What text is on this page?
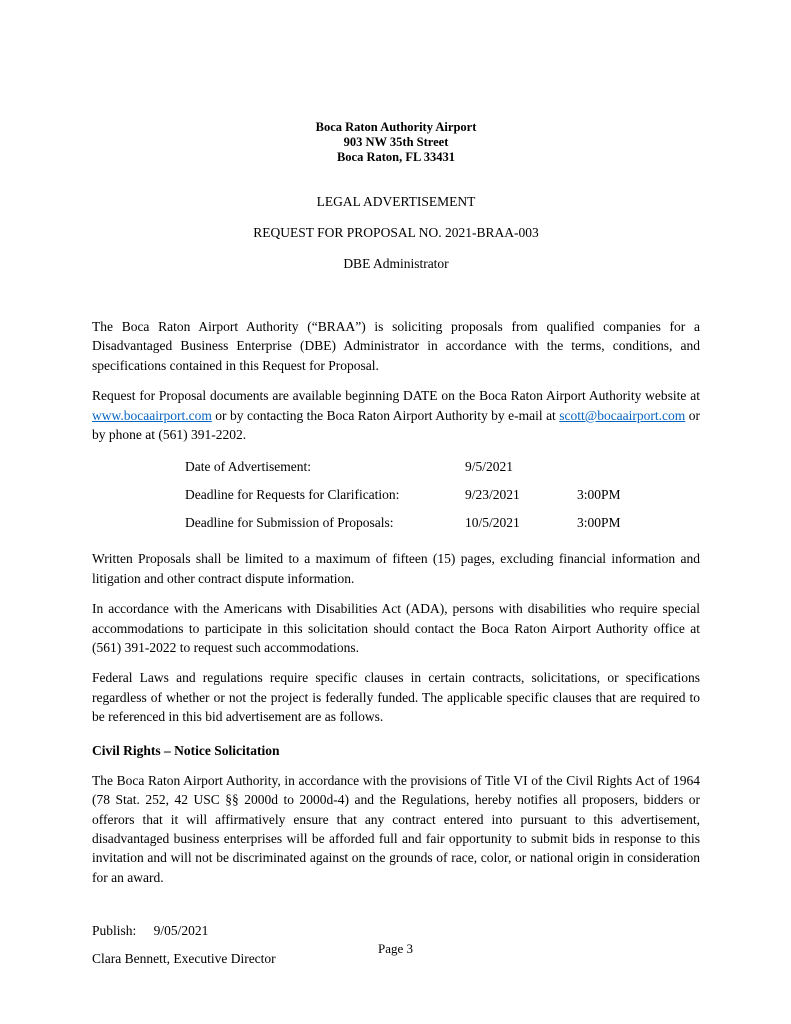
Boca Raton Authority Airport
903 NW 35th Street
Boca Raton, FL 33431
LEGAL ADVERTISEMENT
REQUEST FOR PROPOSAL NO. 2021-BRAA-003
DBE Administrator

The Boca Raton Airport Authority (“BRAA”) is soliciting proposals from qualified companies for a Disadvantaged Business Enterprise (DBE) Administrator in accordance with the terms, conditions, and specifications contained in this Request for Proposal.

Request for Proposal documents are available beginning DATE on the Boca Raton Airport Authority website at www.bocaairport.com or by contacting the Boca Raton Airport Authority by e-mail at scott@bocaairport.com or by phone at (561) 391-2202.

Date of Advertisement:	9/5/2021
Deadline for Requests for Clarification:	9/23/2021	3:00PM
Deadline for Submission of Proposals:	10/5/2021	3:00PM

Written Proposals shall be limited to a maximum of fifteen (15) pages, excluding financial information and litigation and other contract dispute information.

In accordance with the Americans with Disabilities Act (ADA), persons with disabilities who require special accommodations to participate in this solicitation should contact the Boca Raton Airport Authority office at (561) 391-2022 to request such accommodations.

Federal Laws and regulations require specific clauses in certain contracts, solicitations, or specifications regardless of whether or not the project is federally funded. The applicable specific clauses that are required to be referenced in this bid advertisement are as follows.

Civil Rights – Notice Solicitation

The Boca Raton Airport Authority, in accordance with the provisions of Title VI of the Civil Rights Act of 1964 (78 Stat. 252, 42 USC §§ 2000d to 2000d-4) and the Regulations, hereby notifies all proposers, bidders or offerors that it will affirmatively ensure that any contract entered into pursuant to this advertisement, disadvantaged business enterprises will be afforded full and fair opportunity to submit bids in response to this invitation and will not be discriminated against on the grounds of race, color, or national origin in consideration for an award.

Publish: 9/05/2021
Clara Bennett, Executive Director
Page 3
